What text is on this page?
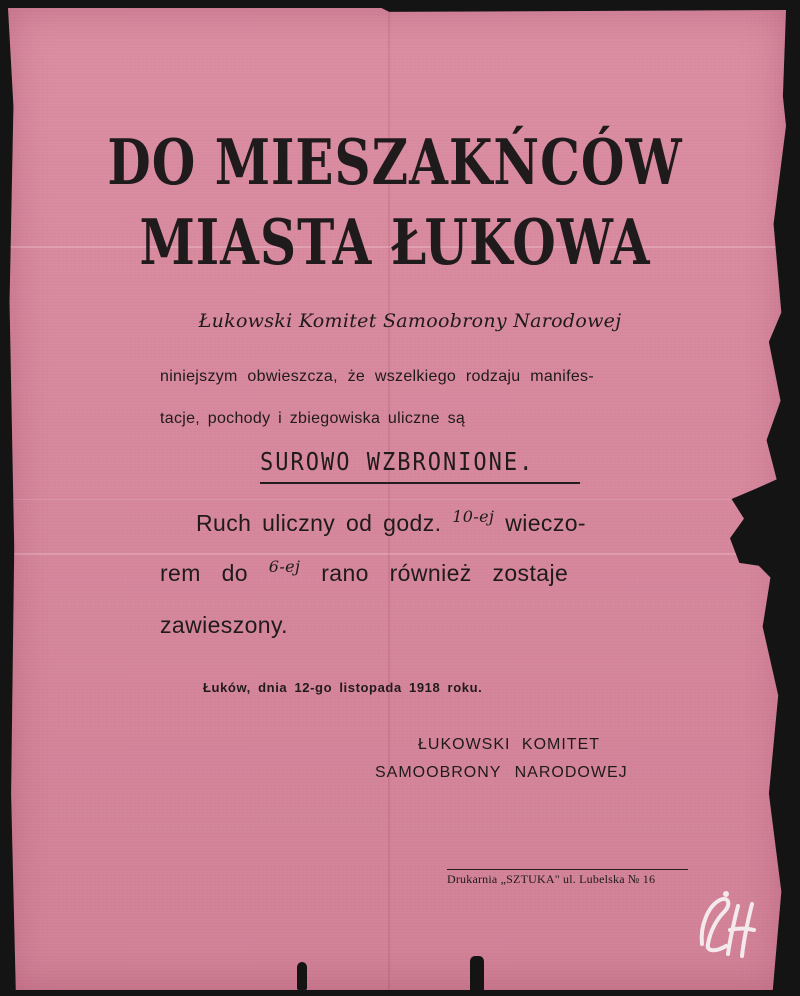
DO MIESZAKŃCÓW
MIASTA ŁUKOWA
Łukowski Komitet Samoobrony Narodowej
niniejszym obwieszcza, że wszelkiego rodzaju manifes-
tacje, pochody i zbiegowiska uliczne są
SUROWO WZBRONIONE.
Ruch uliczny od godz. $^{10-ej}$ wieczo-
rem do $^{6-ej}$ rano również zostaje
zawieszony.
Łuków, dnia 12-go listopada 1918 roku.
ŁUKOWSKI KOMITET
SAMOOBRONY NARODOWEJ
Drukarnia „SZTUKA" ul. Lubelska № 16
